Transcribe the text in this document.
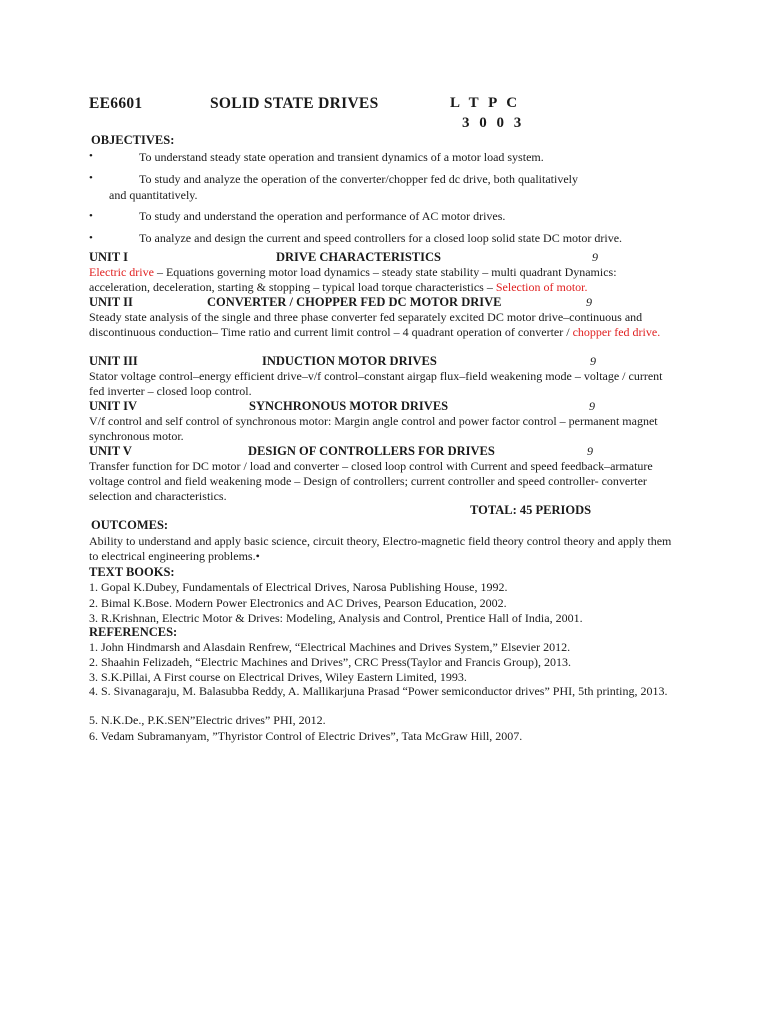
EE6601	SOLID STATE DRIVES	L T P C
3 0 0 3
OBJECTIVES:
•	To understand steady state operation and transient dynamics of a motor load system.
•	To study and analyze the operation of the converter/chopper fed dc drive, both qualitatively
and quantitatively.
•	To study and understand the operation and performance of AC motor drives.
•	To analyze and design the current and speed controllers for a closed loop solid state DC motor drive.
UNIT I	DRIVE CHARACTERISTICS	9
Electric drive – Equations governing motor load dynamics – steady state stability – multi quadrant Dynamics: acceleration, deceleration, starting & stopping – typical load torque characteristics – Selection of motor.
UNIT II	CONVERTER / CHOPPER FED DC MOTOR DRIVE	9
Steady state analysis of the single and three phase converter fed separately excited DC motor drive–continuous and discontinuous conduction– Time ratio and current limit control – 4 quadrant operation of converter / chopper fed drive.
UNIT III	INDUCTION MOTOR DRIVES	9
Stator voltage control–energy efficient drive–v/f control–constant airgap flux–field weakening mode – voltage / current fed inverter – closed loop control.
UNIT IV	SYNCHRONOUS MOTOR DRIVES	9
V/f control and self control of synchronous motor: Margin angle control and power factor control – permanent magnet synchronous motor.
UNIT V	DESIGN OF CONTROLLERS FOR DRIVES	9
Transfer function for DC motor / load and converter – closed loop control with Current and speed feedback–armature voltage control and field weakening mode – Design of controllers; current controller and speed controller- converter selection and characteristics.
TOTAL: 45 PERIODS
OUTCOMES:
Ability to understand and apply basic science, circuit theory, Electro-magnetic field theory control theory and apply them to electrical engineering problems.•
TEXT BOOKS:
1. Gopal K.Dubey, Fundamentals of Electrical Drives, Narosa Publishing House, 1992.
2. Bimal K.Bose. Modern Power Electronics and AC Drives, Pearson Education, 2002.
3. R.Krishnan, Electric Motor & Drives: Modeling, Analysis and Control, Prentice Hall of India, 2001.
REFERENCES:
1. John Hindmarsh and Alasdain Renfrew, “Electrical Machines and Drives System,” Elsevier 2012.
2. Shaahin Felizadeh, “Electric Machines and Drives”, CRC Press(Taylor and Francis Group), 2013.
3. S.K.Pillai, A First course on Electrical Drives, Wiley Eastern Limited, 1993.
4. S. Sivanagaraju, M. Balasubba Reddy, A. Mallikarjuna Prasad “Power semiconductor drives” PHI, 5th printing, 2013.
5. N.K.De., P.K.SEN”Electric drives” PHI, 2012.
6. Vedam Subramanyam, ”Thyristor Control of Electric Drives”, Tata McGraw Hill, 2007.
